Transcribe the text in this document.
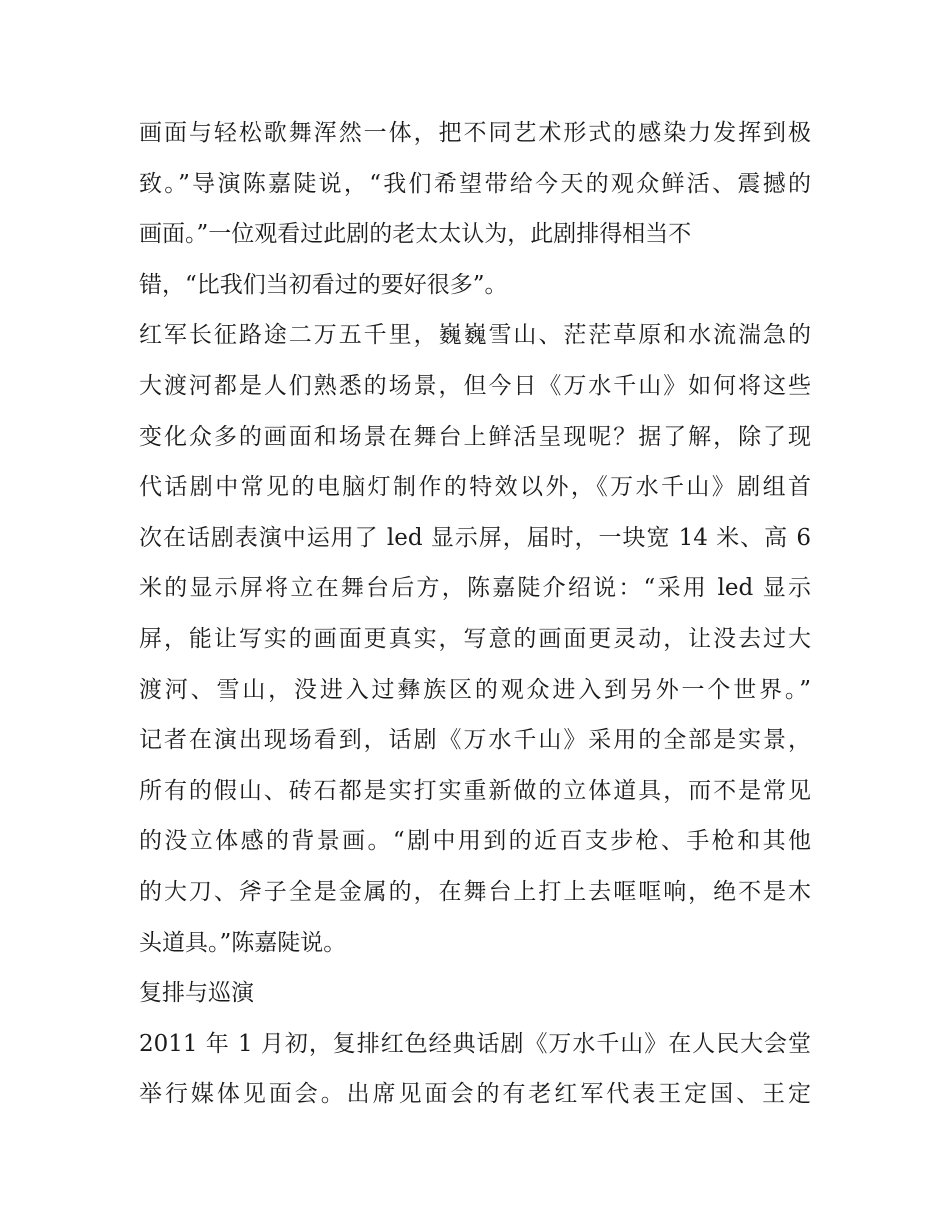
画面与轻松歌舞浑然一体，把不同艺术形式的感染力发挥到极
致。”导演陈嘉陡说，“我们希望带给今天的观众鲜活、震撼的
画面。”一位观看过此剧的老太太认为，此剧排得相当不
错，“比我们当初看过的要好很多”。
红军长征路途二万五千里，巍巍雪山、茫茫草原和水流湍急的
大渡河都是人们熟悉的场景，但今日《万水千山》如何将这些
变化众多的画面和场景在舞台上鲜活呈现呢？据了解，除了现
代话剧中常见的电脑灯制作的特效以外，《万水千山》剧组首
次在话剧表演中运用了 led 显示屏，届时，一块宽 14 米、高 6
米的显示屏将立在舞台后方，陈嘉陡介绍说：“采用 led 显示
屏，能让写实的画面更真实，写意的画面更灵动，让没去过大
渡河、雪山，没进入过彝族区的观众进入到另外一个世界。”
记者在演出现场看到，话剧《万水千山》采用的全部是实景，
所有的假山、砖石都是实打实重新做的立体道具，而不是常见
的没立体感的背景画。“剧中用到的近百支步枪、手枪和其他
的大刀、斧子全是金属的，在舞台上打上去哐哐响，绝不是木
头道具。”陈嘉陡说。
复排与巡演
2011 年 1 月初，复排红色经典话剧《万水千山》在人民大会堂
举行媒体见面会。出席见面会的有老红军代表王定国、王定
